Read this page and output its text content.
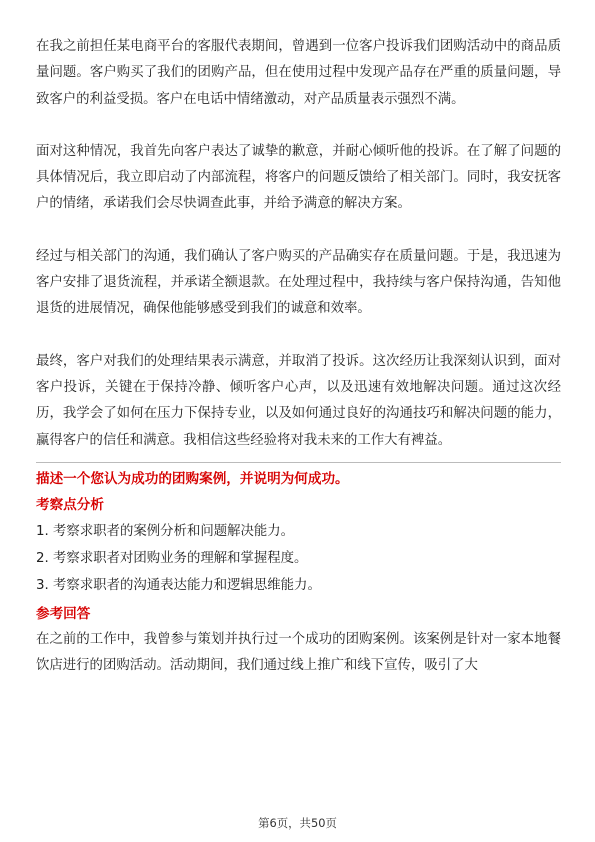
在我之前担任某电商平台的客服代表期间，曾遇到一位客户投诉我们团购活动中的商品质量问题。客户购买了我们的团购产品，但在使用过程中发现产品存在严重的质量问题，导致客户的利益受损。客户在电话中情绪激动，对产品质量表示强烈不满。

面对这种情况，我首先向客户表达了诚挚的歉意，并耐心倾听他的投诉。在了解了问题的具体情况后，我立即启动了内部流程，将客户的问题反馈给了相关部门。同时，我安抚客户的情绪，承诺我们会尽快调查此事，并给予满意的解决方案。

经过与相关部门的沟通，我们确认了客户购买的产品确实存在质量问题。于是，我迅速为客户安排了退货流程，并承诺全额退款。在处理过程中，我持续与客户保持沟通，告知他退货的进展情况，确保他能够感受到我们的诚意和效率。

最终，客户对我们的处理结果表示满意，并取消了投诉。这次经历让我深刻认识到，面对客户投诉，关键在于保持冷静、倾听客户心声，以及迅速有效地解决问题。通过这次经历，我学会了如何在压力下保持专业，以及如何通过良好的沟通技巧和解决问题的能力，赢得客户的信任和满意。我相信这些经验将对我未来的工作大有裨益。

描述一个您认为成功的团购案例，并说明为何成功。
考察点分析

1. 考察求职者的案例分析和问题解决能力。

2. 考察求职者对团购业务的理解和掌握程度。

3. 考察求职者的沟通表达能力和逻辑思维能力。

参考回答

在之前的工作中，我曾参与策划并执行过一个成功的团购案例。该案例是针对一家本地餐饮店进行的团购活动。活动期间，我们通过线上推广和线下宣传，吸引了大

第6页，共50页
